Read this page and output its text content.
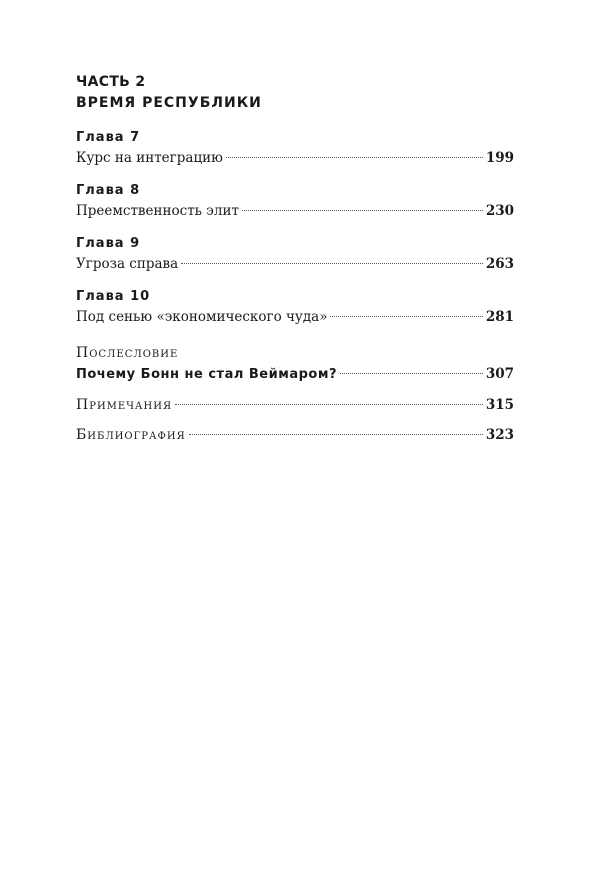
ЧАСТЬ 2
ВРЕМЯ РЕСПУБЛИКИ
Глава 7
Курс на интеграцию	199
Глава 8
Преемственность элит	230
Глава 9
Угроза справа	263
Глава 10
Под сенью «экономического чуда»	281
Послесловие
Почему Бонн не стал Веймаром?	307
Примечания	315
Библиография	323
